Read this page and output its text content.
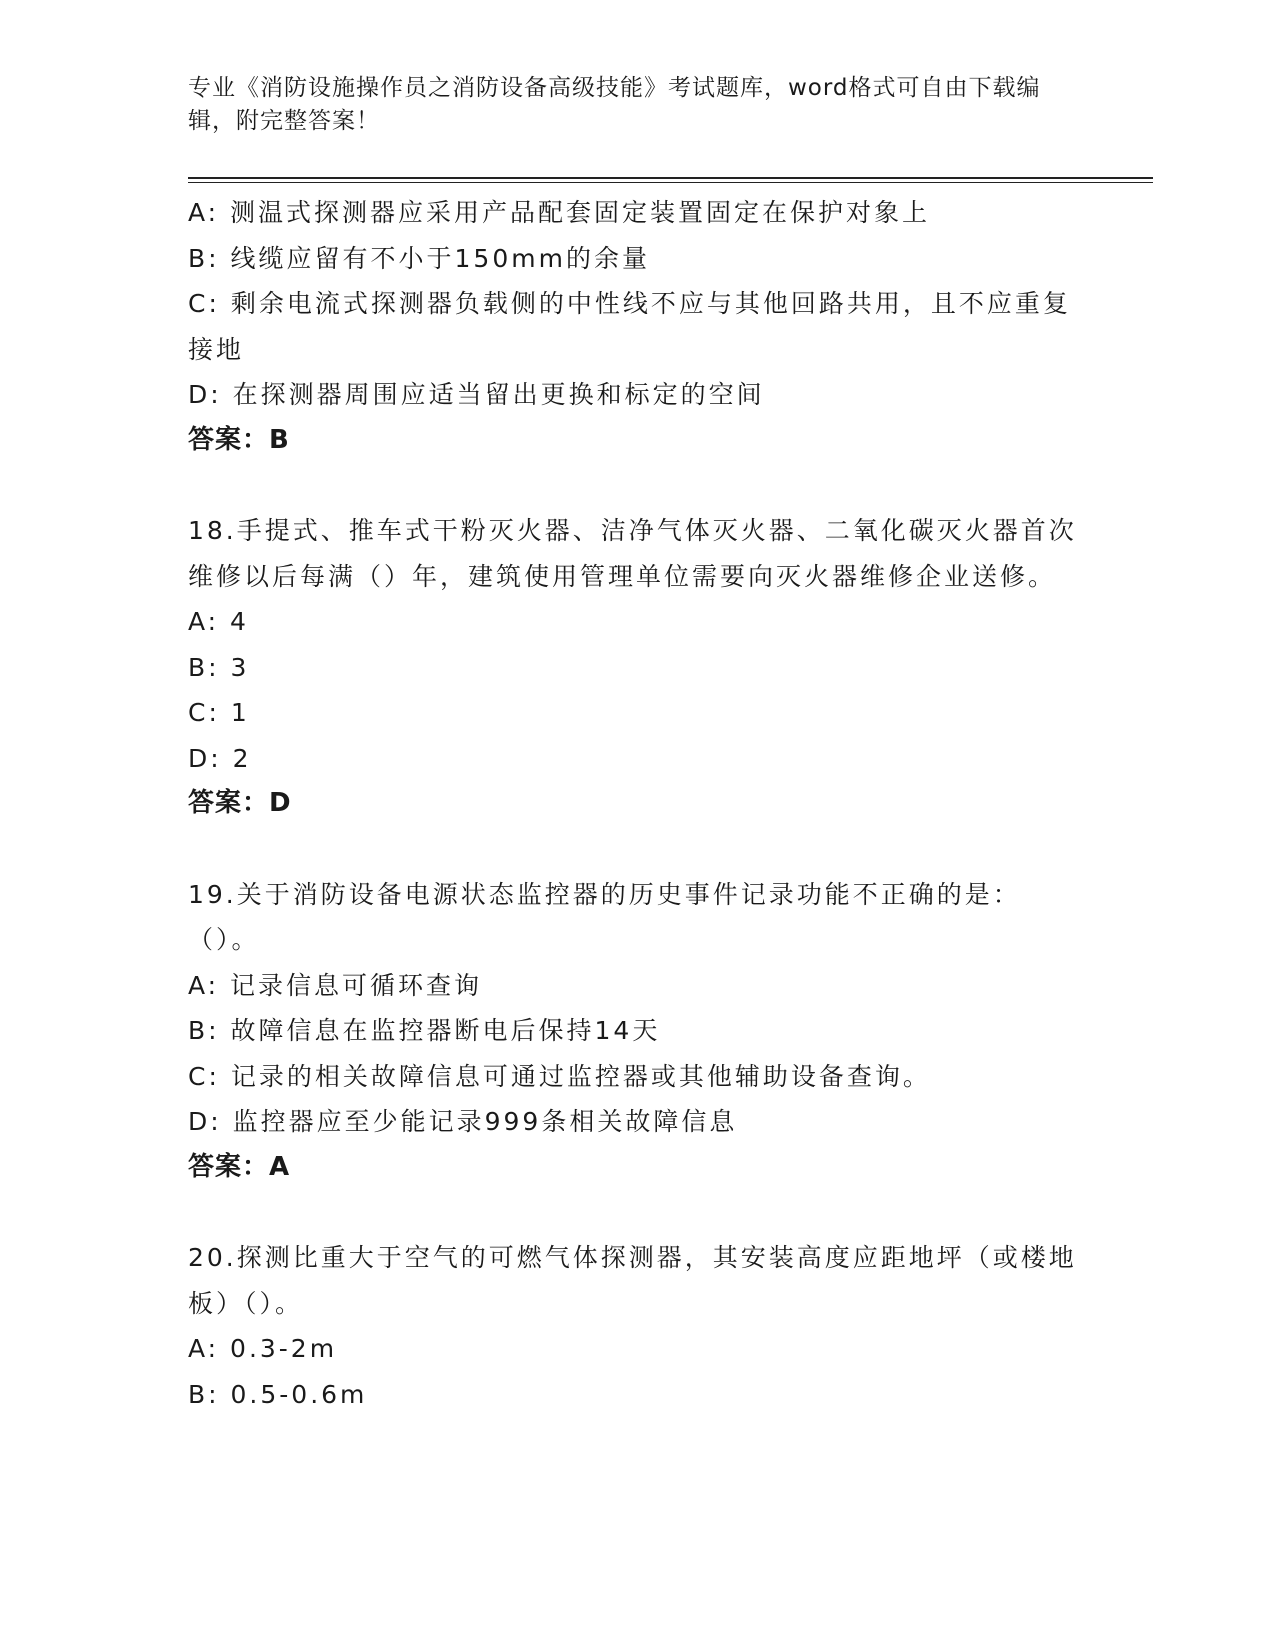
专业《消防设施操作员之消防设备高级技能》考试题库，word格式可自由下载编辑，附完整答案！
A: 测温式探测器应采用产品配套固定装置固定在保护对象上
B: 线缆应留有不小于150mm的余量
C: 剩余电流式探测器负载侧的中性线不应与其他回路共用，且不应重复接地
D: 在探测器周围应适当留出更换和标定的空间
答案：B
18.手提式、推车式干粉灭火器、洁净气体灭火器、二氧化碳灭火器首次维修以后每满（）年，建筑使用管理单位需要向灭火器维修企业送修。
A: 4
B: 3
C: 1
D: 2
答案：D
19.关于消防设备电源状态监控器的历史事件记录功能不正确的是：（）。
A: 记录信息可循环查询
B: 故障信息在监控器断电后保持14天
C: 记录的相关故障信息可通过监控器或其他辅助设备查询。
D: 监控器应至少能记录999条相关故障信息
答案：A
20.探测比重大于空气的可燃气体探测器，其安装高度应距地坪（或楼地板）（）。
A: 0.3-2m
B: 0.5-0.6m
